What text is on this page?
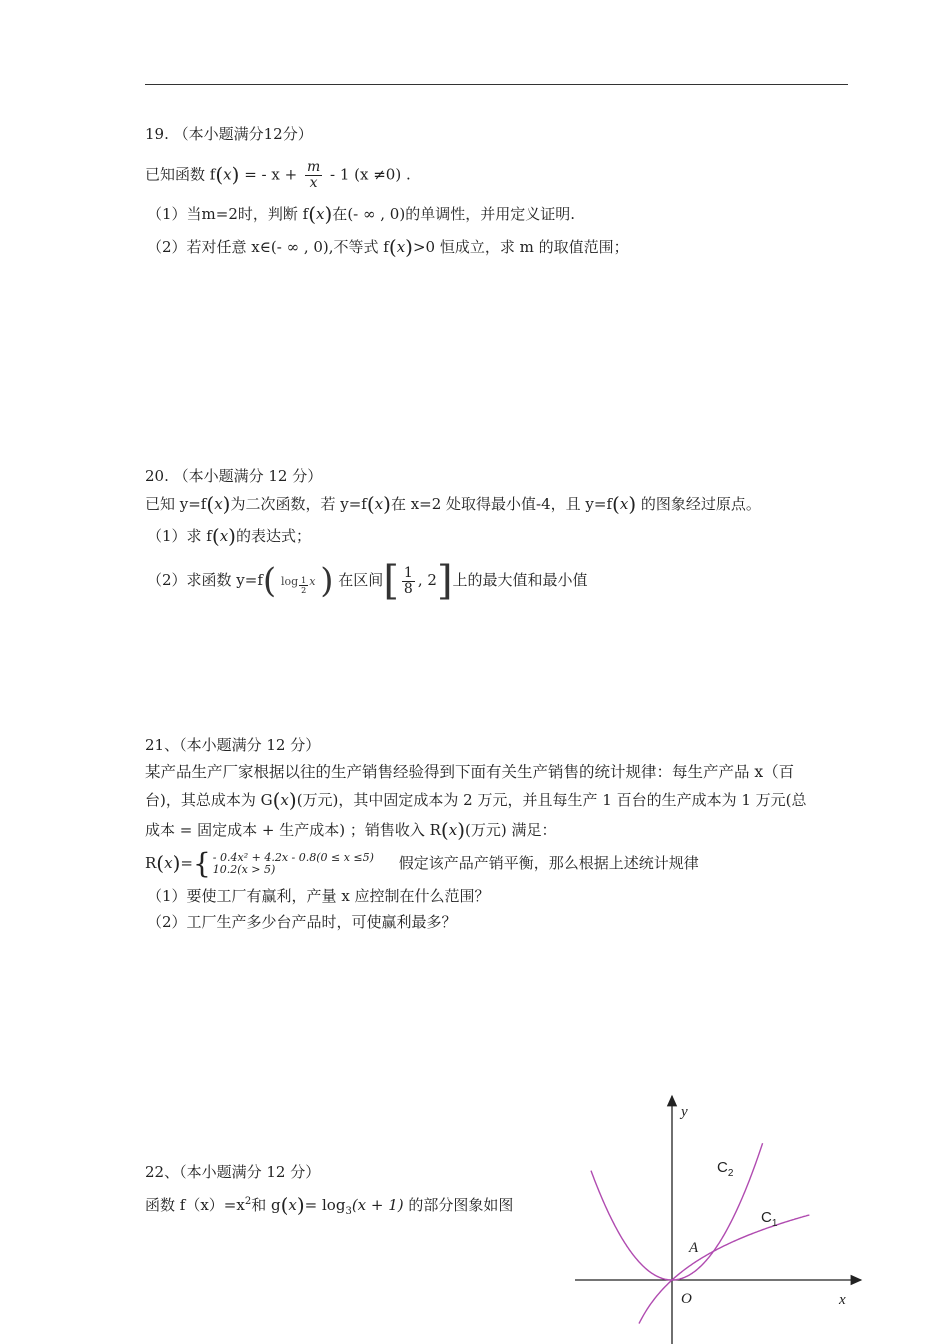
19. （本小题满分12分）
已知函数 f(x) = - $x + \frac{m}{x} - 1$ (x ≠0) .
（1）当m=2时，判断 f(x)在(- ∞ , 0)的单调性，并用定义证明.
（2）若对任意 x∈(- ∞ , 0),不等式 f(x)>0 恒成立，求 m 的取值范围；
20. （本小题满分 12 分）
已知 y=f(x)为二次函数，若 y=f(x)在 x=2 处取得最小值-4，且 y=f(x) 的图象经过原点。
（1）求 f(x)的表达式；
（2）求函数 y=f( $\log \frac{1}{2}$ x ) 在区间[ $\frac{1}{8}$ , 2]上的最大值和最小值
21、（本小题满分 12 分）
某产品生产厂家根据以往的生产销售经验得到下面有关生产销售的统计规律：每生产产品 x（百
台)，其总成本为 G(x)(万元)，其中固定成本为 2 万元，并且每生产 1 百台的生产成本为 1 万元(总
成本 = 固定成本 + 生产成本) ；销售收入 R(x)(万元) 满足：
R(x)={ - 0.4x² + 4.2x - 0.8(0 ≤ x ≤5)
10.2(x > 5)	假定该产品产销平衡，那么根据上述统计规律
（1）要使工厂有赢利，产量 x 应控制在什么范围？
（2）工厂生产多少台产品时，可使赢利最多？
22、（本小题满分 12 分）
函数 $f(x)=x^2$和 $g(x)= \log_3(x + 1)$ 的部分图象如图
y
x
O
A
$C_2$
$C_1$
